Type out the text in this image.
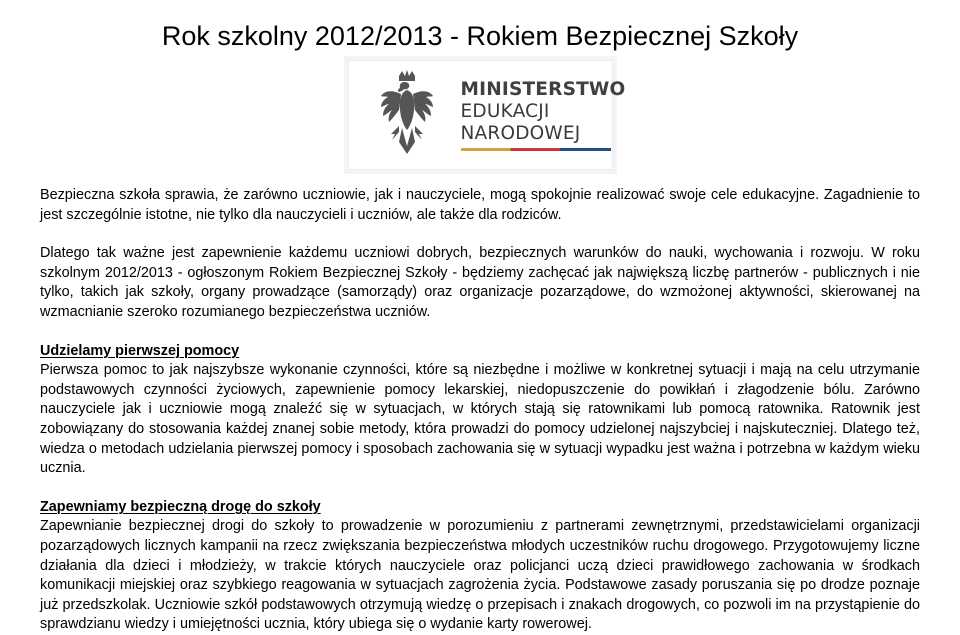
Rok szkolny 2012/2013 - Rokiem Bezpiecznej Szkoły
MINISTERSTWO
EDUKACJI
NARODOWEJ

Bezpieczna szkoła sprawia, że zarówno uczniowie, jak i nauczyciele, mogą spokojnie realizować swoje cele edukacyjne. Zagadnienie to jest szczególnie istotne, nie tylko dla nauczycieli i uczniów, ale także dla rodziców.

Dlatego tak ważne jest zapewnienie każdemu uczniowi dobrych, bezpiecznych warunków do nauki, wychowania i rozwoju. W roku szkolnym 2012/2013 - ogłoszonym Rokiem Bezpiecznej Szkoły - będziemy zachęcać jak największą liczbę partnerów - publicznych i nie tylko, takich jak szkoły, organy prowadzące (samorządy) oraz organizacje pozarządowe, do wzmożonej aktywności, skierowanej na wzmacnianie szeroko rozumianego bezpieczeństwa uczniów.

Udzielamy pierwszej pomocy

Pierwsza pomoc to jak najszybsze wykonanie czynności, które są niezbędne i możliwe w konkretnej sytuacji i mają na celu utrzymanie podstawowych czynności życiowych, zapewnienie pomocy lekarskiej, niedopuszczenie do powikłań i złagodzenie bólu. Zarówno nauczyciele jak i uczniowie mogą znaleźć się w sytuacjach, w których stają się ratownikami lub pomocą ratownika. Ratownik jest zobowiązany do stosowania każdej znanej sobie metody, która prowadzi do pomocy udzielonej najszybciej i najskuteczniej. Dlatego też, wiedza o metodach udzielania pierwszej pomocy i sposobach zachowania się w sytuacji wypadku jest ważna i potrzebna w każdym wieku ucznia.

Zapewniamy bezpieczną drogę do szkoły

Zapewnianie bezpiecznej drogi do szkoły to prowadzenie w porozumieniu z partnerami zewnętrznymi, przedstawicielami organizacji pozarządowych licznych kampanii na rzecz zwiększania bezpieczeństwa młodych uczestników ruchu drogowego. Przygotowujemy liczne działania dla dzieci i młodzieży, w trakcie których nauczyciele oraz policjanci uczą dzieci prawidłowego zachowania w środkach komunikacji miejskiej oraz szybkiego reagowania w sytuacjach zagrożenia życia. Podstawowe zasady poruszania się po drodze poznaje już przedszkolak. Uczniowie szkół podstawowych otrzymują wiedzę o przepisach i znakach drogowych, co pozwoli im na przystąpienie do sprawdzianu wiedzy i umiejętności ucznia, który ubiega się o wydanie karty rowerowej.
